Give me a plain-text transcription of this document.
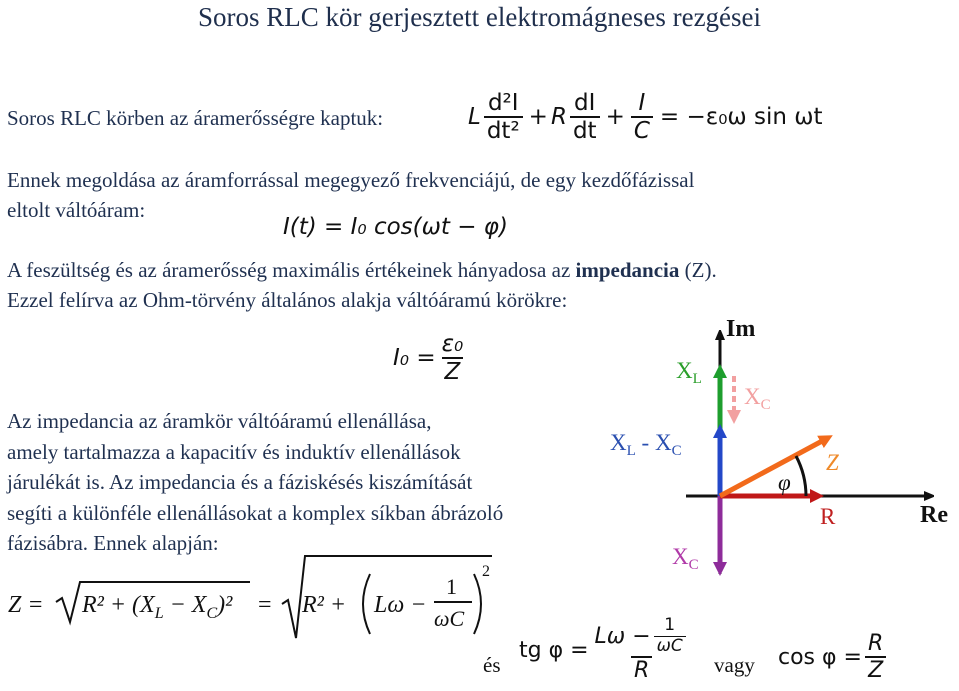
Soros RLC kör gerjesztett elektromágneses rezgései
Soros RLC körben az áramerősségre kaptuk:	L $\frac{\text{d²I}}{\text{dt²}} + R \frac{dI}{dt} + \frac{I}{C} = -\varepsilon_0\omega$ sin ωt
Ennek megoldása az áramforrással megegyező frekvenciájú, de egy kezdőfázissal
eltolt váltóáram:
I(t) = I₀ cos(ωt − φ)
A feszültség és az áramerősség maximális értékeinek hányadosa az impedancia (Z).
Ezzel felírva az Ohm-törvény általános alakja váltóáramú körökre:
$I_0 = \frac{\text{ε₀}}{Z}$
Az impedancia az áramkör váltóáramú ellenállása,
amely tartalmazza a kapacitív és induktív ellenállások
járulékát is. Az impedancia és a fáziskésés kiszámítását
segíti a különféle ellenállásokat a komplex síkban ábrázoló
fázisábra. Ennek alapján:
$Z = R^2 + (X_L - X_C)^2 = R^2 + L\omega$ −
1
ωC
2
és
tg $\varphi = \frac{L\omega - \frac{1}{\omega C}}{R}$ vagy $\cos \varphi = \frac{R}{Z}$
Im
Re
$X_L$
$X_C$
$X_L - X_C$	Z
φ
R
$X_C$
